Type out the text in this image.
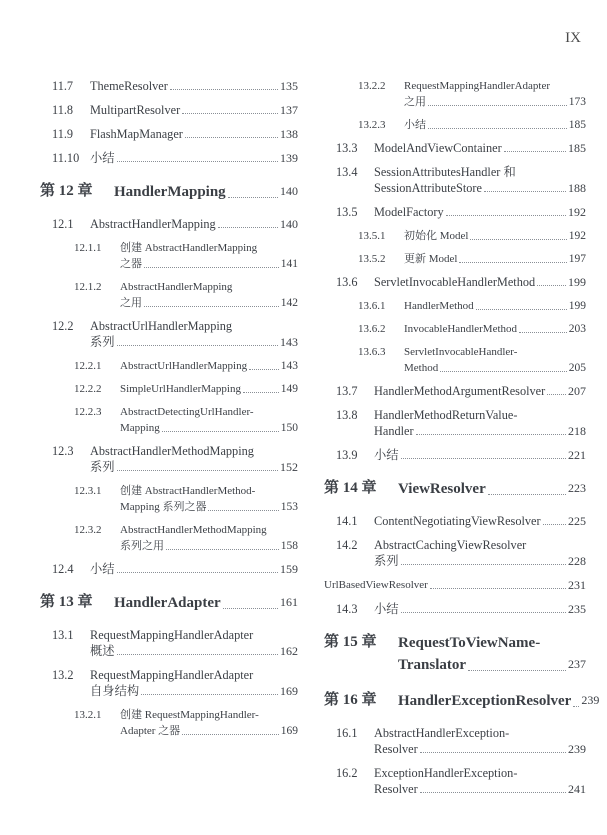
IX
11.7	ThemeResolver	135
11.8	MultipartResolver	137
11.9	FlashMapManager	138
11.10 小结	139
第 12 章	HandlerMapping	140
12.1	AbstractHandlerMapping	140
12.1.1	创建 AbstractHandlerMapping
之器	141
12.1.2	AbstractHandlerMapping
之用	142
12.2	AbstractUrlHandlerMapping
系列	143
12.2.1	AbstractUrlHandlerMapping	143
12.2.2	SimpleUrlHandlerMapping	149
12.2.3	AbstractDetectingUrlHandler-
Mapping	150
12.3	AbstractHandlerMethodMapping
系列	152
12.3.1	创建 AbstractHandlerMethod-
Mapping 系列之器	153
12.3.2	AbstractHandlerMethodMapping
系列之用	158
12.4	小结	159
第 13 章	HandlerAdapter	161
13.1	RequestMappingHandlerAdapter
概述	162
13.2	RequestMappingHandlerAdapter
自身结构	169
13.2.1	创建 RequestMappingHandler-
Adapter 之器	169
13.2.2	RequestMappingHandlerAdapter
之用	173
13.2.3	小结	185
13.3	ModelAndViewContainer	185
13.4	SessionAttributesHandler 和
SessionAttributeStore	188
13.5	ModelFactory	192
13.5.1	初始化 Model	192
13.5.2	更新 Model	197
13.6	ServletInvocableHandlerMethod	199
13.6.1	HandlerMethod	199
13.6.2	InvocableHandlerMethod	203
13.6.3	ServletInvocableHandler-
Method	205
13.7	HandlerMethodArgumentResolver 207
13.8	HandlerMethodReturnValue-
Handler	218
13.9	小结	221
第 14 章	ViewResolver	223
14.1	ContentNegotiatingViewResolver 225
14.2	AbstractCachingViewResolver
系列	228
UrlBasedViewResolver	231
14.3	小结	235
第 15 章	RequestToViewName-
Translator	237
第 16 章	HandlerExceptionResolver 239
16.1	AbstractHandlerException-
Resolver	239
16.2	ExceptionHandlerException-
Resolver	241
